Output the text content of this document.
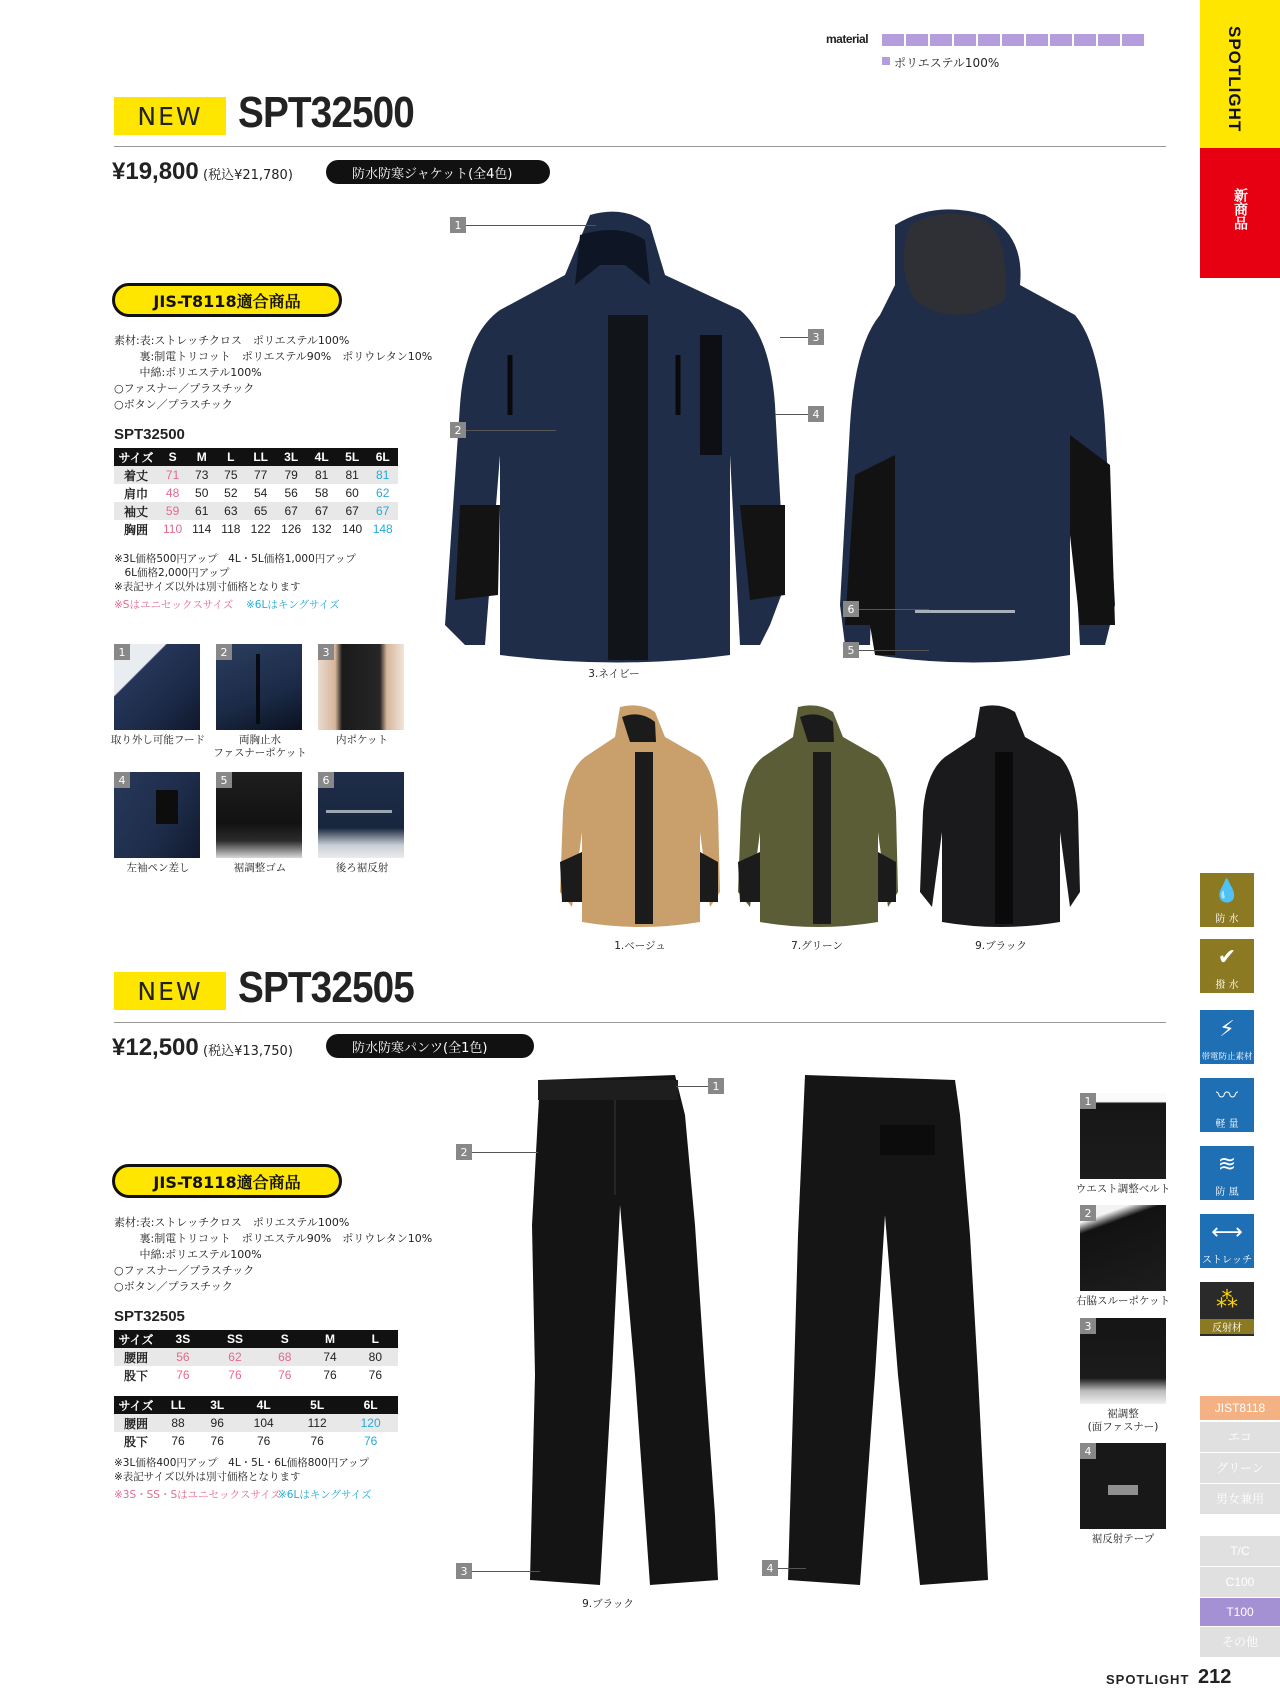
SPOTLIGHT
新商品
material
ポリエステル100%
NEW SPT32500
¥19,800 (税込¥21,780)	防水防寒ジャケット(全4色)
JIS-T8118適合商品
素材:表:ストレッチクロス　ポリエステル100%
　　 裏:制電トリコット　ポリエステル90%　ポリウレタン10%
　　 中綿:ポリエステル100%
○ファスナー／プラスチック
○ボタン／プラスチック
SPT32500
サイズ	S	M	L	LL	3L	4L	5L	6L
着丈	71	73	75	77	79	81	81	81
肩巾	48	50	52	54	56	58	60	62
袖丈	59	61	63	65	67	67	67	67
胸囲	110	114	118	122	126	132	140	148
※3L価格500円アップ　4L・5L価格1,000円アップ
　6L価格2,000円アップ
※表記サイズ以外は別寸価格となります
※Sはユニセックスサイズ ※6Lはキングサイズ
1
取り外し可能フード
2
両胸止水
ファスナーポケット
3
内ポケット
4
左袖ペン差し
5
裾調整ゴム
6
後ろ裾反射
1
2
3
4
6
5
3.ネイビー
1.ベージュ	7.グリーン	9.ブラック
NEW SPT32505
¥12,500 (税込¥13,750)	防水防寒パンツ(全1色)
JIS-T8118適合商品
素材:表:ストレッチクロス　ポリエステル100%
　　 裏:制電トリコット　ポリエステル90%　ポリウレタン10%
　　 中綿:ポリエステル100%
○ファスナー／プラスチック
○ボタン／プラスチック
SPT32505
サイズ	3S	SS	S	M	L
腰囲	56	62	68	74	80
股下	76	76	76	76	76
サイズ	LL	3L	4L	5L	6L
腰囲	88	96	104	112	120
股下	76	76	76	76	76
※3L価格400円アップ　4L・5L・6L価格800円アップ
※表記サイズ以外は別寸価格となります
※3S・SS・Sはユニセックスサイズ
※6Lはキングサイズ
1
2
3	4
9.ブラック
1
ウエスト調整ベルト
2
右脇スルーポケット
3
裾調整
(面ファスナー)
4
裾反射テープ
💧
防 水
✔
撥 水
⚡
帯電防止素材
〰
軽 量
≋
防 風
⟷
ストレッチ
⁂
反射材
JIST8118
エコ
グリーン
男女兼用
T/C
C100
T100
その他
SPOTLIGHT 212
